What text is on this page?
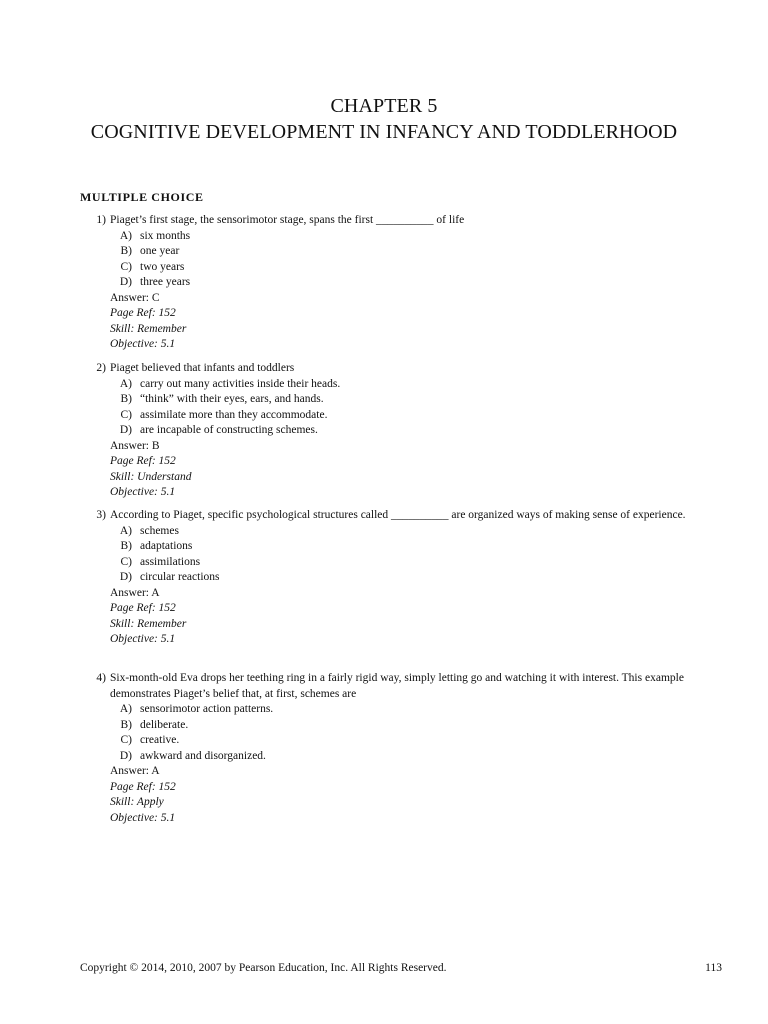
CHAPTER 5
COGNITIVE DEVELOPMENT IN INFANCY AND TODDLERHOOD
MULTIPLE CHOICE
1) Piaget’s first stage, the sensorimotor stage, spans the first __________ of life
A) six months
B) one year
C) two years
D) three years
Answer: C
Page Ref: 152
Skill: Remember
Objective: 5.1
2) Piaget believed that infants and toddlers
A) carry out many activities inside their heads.
B) “think” with their eyes, ears, and hands.
C) assimilate more than they accommodate.
D) are incapable of constructing schemes.
Answer: B
Page Ref: 152
Skill: Understand
Objective: 5.1
3) According to Piaget, specific psychological structures called __________ are organized ways of making sense of experience.
A) schemes
B) adaptations
C) assimilations
D) circular reactions
Answer: A
Page Ref: 152
Skill: Remember
Objective: 5.1
4) Six-month-old Eva drops her teething ring in a fairly rigid way, simply letting go and watching it with interest. This example demonstrates Piaget’s belief that, at first, schemes are
A) sensorimotor action patterns.
B) deliberate.
C) creative.
D) awkward and disorganized.
Answer: A
Page Ref: 152
Skill: Apply
Objective: 5.1
Copyright © 2014, 2010, 2007 by Pearson Education, Inc. All Rights Reserved.	113
